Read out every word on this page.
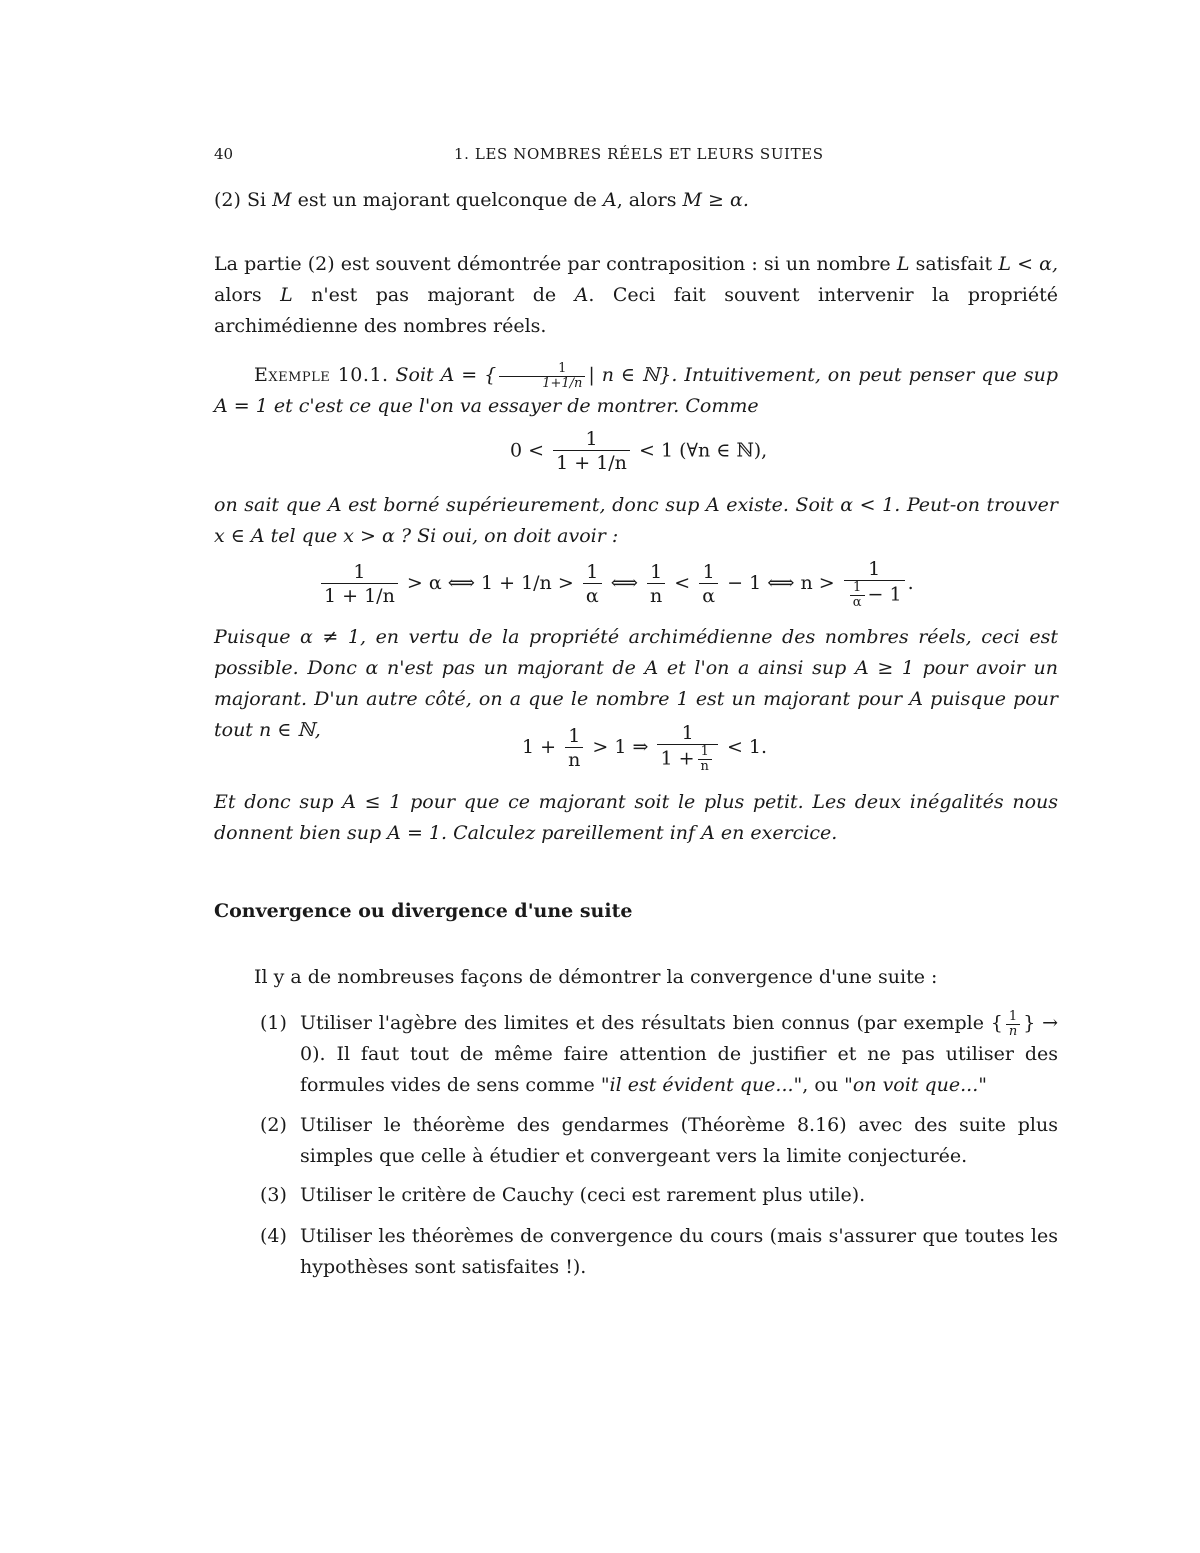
40	1. LES NOMBRES RÉELS ET LEURS SUITES
(2) Si M est un majorant quelconque de A, alors M ≥ α.
La partie (2) est souvent démontrée par contraposition : si un nombre L satisfait L < α, alors L n'est pas majorant de A. Ceci fait souvent intervenir la propriété archimédienne des nombres réels.
Exemple 10.1. Soit A = { $\frac{1}{1+1/n}$ | n ∈ ℕ}. Intuitivement, on peut penser que sup A = 1 et c'est ce que l'on va essayer de montrer. Comme
$0 < \frac{1}{1 + 1/n} < 1$ (∀n ∈ ℕ),
on sait que A est borné supérieurement, donc sup A existe. Soit α < 1. Peut-on trouver x ∈ A tel que x > α ? Si oui, on doit avoir :
$\frac{1}{1 + 1/n} > \alpha$ ⟺ $1 + 1/n > \frac{1}{\alpha}$ ⟺ $\frac{1}{n} < \frac{1}{\alpha} - 1$ ⟺ $n > \frac{1}{\frac{1}{\alpha} - 1}$ .
Puisque α ≠ 1, en vertu de la propriété archimédienne des nombres réels, ceci est possible. Donc α n'est pas un majorant de A et l'on a ainsi sup A ≥ 1 pour avoir un majorant. D'un autre côté, on a que le nombre 1 est un majorant pour A puisque pour tout n ∈ ℕ,
$1 + \frac{1}{n} > 1$ ⇒ $\frac{1}{1 + \frac{1}{n}} < 1$.
Et donc sup A ≤ 1 pour que ce majorant soit le plus petit. Les deux inégalités nous donnent bien sup A = 1. Calculez pareillement inf A en exercice.
Convergence ou divergence d'une suite
Il y a de nombreuses façons de démontrer la convergence d'une suite :
(1) Utiliser l'agèbre des limites et des résultats bien connus (par exemple { $\frac{1}{n}$ } → 0). Il faut tout de même faire attention de justifier et ne pas utiliser des formules vides de sens comme "il est évident que...", ou "on voit que..."
(2) Utiliser le théorème des gendarmes (Théorème 8.16) avec des suite plus simples que celle à étudier et convergeant vers la limite conjecturée.
(3) Utiliser le critère de Cauchy (ceci est rarement plus utile).
(4) Utiliser les théorèmes de convergence du cours (mais s'assurer que toutes les hypothèses sont satisfaites !).
